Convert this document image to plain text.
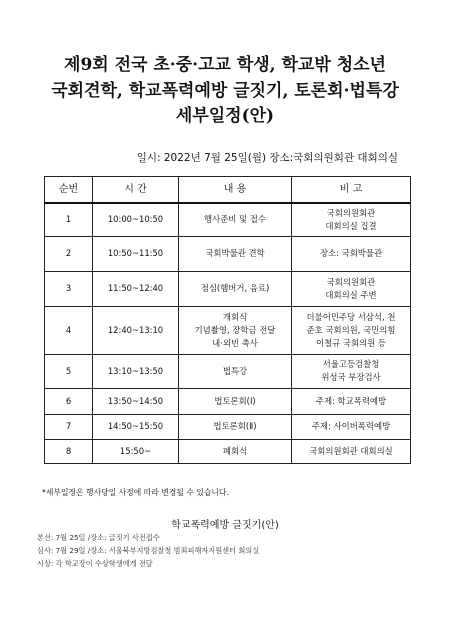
제9회 전국 초·중·고교 학생, 학교밖 청소년
국회견학, 학교폭력예방 글짓기, 토론회·법특강
세부일정(안)
일시: 2022년 7월 25일(월) 장소:국회의원회관 대회의실
순번	시 간	내 용	비 고
1	10:00~10:50	행사준비 및 접수	국회의원회관
대회의실 집결

2	10:50~11:50	국회박물관 견학	장소: 국회박물관

3	11:50~12:40	점심(햄버거, 음료)	국회의원회관
대회의실 주변

4	12:40~13:10	개회식
기념촬영, 장학금 전달
내·외빈 축사	더불어민주당 서삼석, 천
준호 국회의원, 국민의힘
이철규 국회의원 등

5	13:10~13:50	법특강	서울고등검찰청
위성국 부장검사

6	13:50~14:50	법토론회(Ⅰ)	주제: 학교폭력예방

7	14:50~15:50	법토론회(Ⅱ)	주제: 사이버폭력예방

8	15:50~	폐회식	국회의원회관 대회의실
*세부일정은 행사당일 사정에 따라 변경될 수 있습니다.
학교폭력예방 글짓기(안)
본선: 7월 25일 /장소: 글짓기 사전접수
심사: 7월 29일 /장소: 서울북부지방검찰청 범죄피해자지원센터 회의실
시상: 각 학교장이 수상학생에게 전달
